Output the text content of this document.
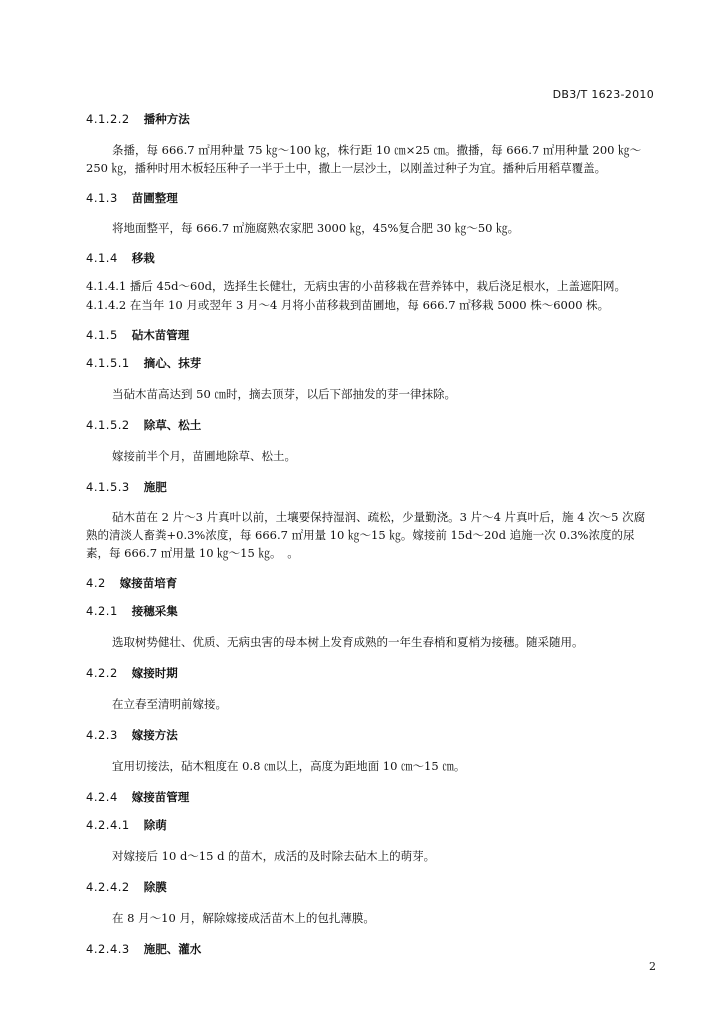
DB3/T 1623-2010
4.1.2.2 播种方法

条播，每 666.7 ㎡用种量 75 ㎏～100 ㎏，株行距 10 ㎝×25 ㎝。撒播，每 666.7 ㎡用种量 200 ㎏～250 ㎏，播种时用木板轻压种子一半于土中，撒上一层沙土，以刚盖过种子为宜。播种后用稻草覆盖。

4.1.3 苗圃整理

将地面整平，每 666.7 ㎡施腐熟农家肥 3000 ㎏，45%复合肥 30 ㎏～50 ㎏。

4.1.4 移栽

4.1.4.1 播后 45d～60d，选择生长健壮，无病虫害的小苗移栽在营养钵中，栽后浇足根水，上盖遮阳网。

4.1.4.2 在当年 10 月或翌年 3 月～4 月将小苗移栽到苗圃地，每 666.7 ㎡移栽 5000 株～6000 株。

4.1.5 砧木苗管理
4.1.5.1 摘心、抹芽

当砧木苗高达到 50 ㎝时，摘去顶芽，以后下部抽发的芽一律抹除。

4.1.5.2 除草、松土

嫁接前半个月，苗圃地除草、松土。

4.1.5.3 施肥

砧木苗在 2 片～3 片真叶以前，土壤要保持湿润、疏松，少量勤浇。3 片～4 片真叶后，施 4 次～5 次腐熟的清淡人畜粪+0.3%浓度，每 666.7 ㎡用量 10 ㎏～15 ㎏。嫁接前 15d～20d 追施一次 0.3%浓度的尿素，每 666.7 ㎡用量 10 ㎏～15 ㎏。　。

4.2 嫁接苗培育
4.2.1 接穗采集

选取树势健壮、优质、无病虫害的母本树上发育成熟的一年生春梢和夏梢为接穗。随采随用。

4.2.2 嫁接时期

在立春至清明前嫁接。

4.2.3 嫁接方法

宜用切接法，砧木粗度在 0.8 ㎝以上，高度为距地面 10 ㎝～15 ㎝。

4.2.4 嫁接苗管理
4.2.4.1 除萌

对嫁接后 10 d～15 d 的苗木，成活的及时除去砧木上的萌芽。

4.2.4.2 除膜

在 8 月～10 月，解除嫁接成活苗木上的包扎薄膜。

4.2.4.3 施肥、灌水
2
